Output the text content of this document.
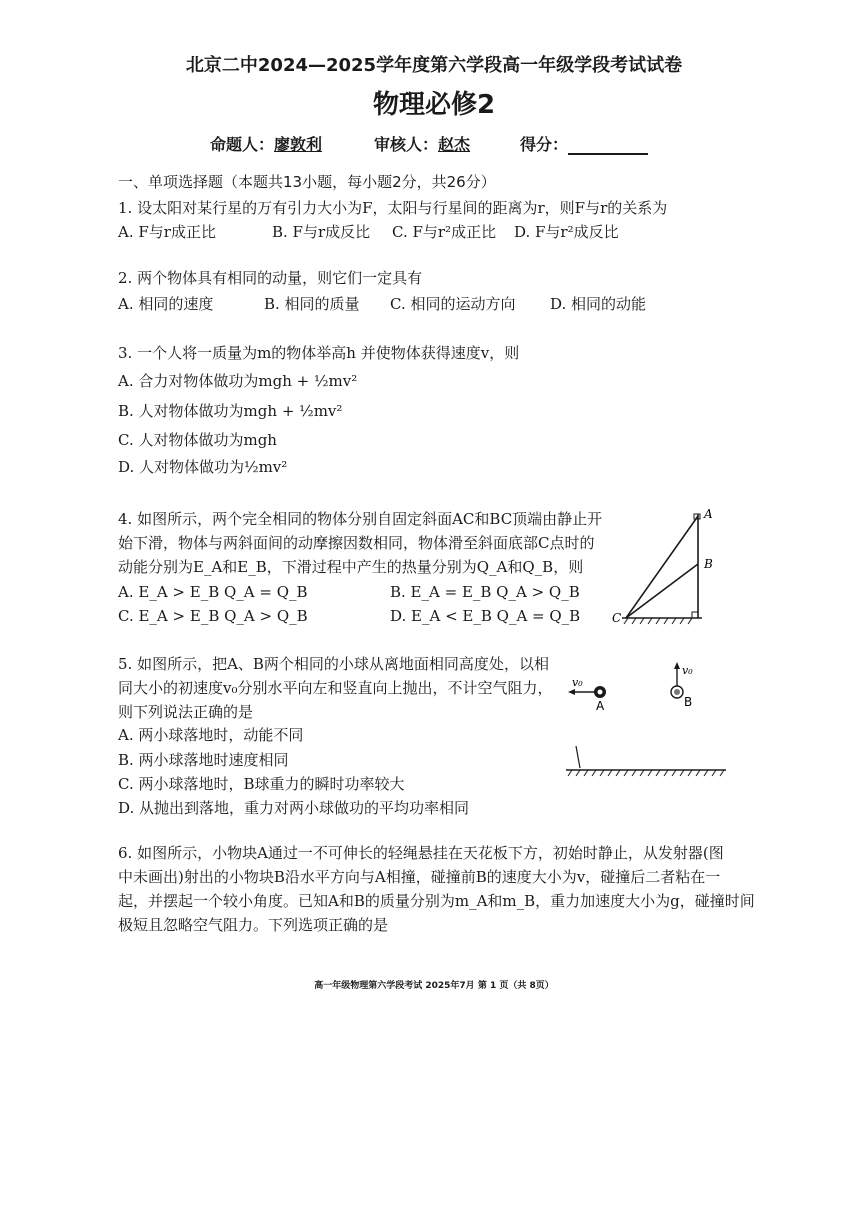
北京二中2024—2025学年度第六学段高一年级学段考试试卷
物理必修2
命题人：廖敦利	审核人：赵杰	得分：
一、单项选择题（本题共13小题，每小题2分，共26分）
1. 设太阳对某行星的万有引力大小为F，太阳与行星间的距离为r，则F与r的关系为
A. F与r成正比	B. F与r成反比 C. F与r²成正比 D. F与r²成反比
2. 两个物体具有相同的动量，则它们一定具有
A. 相同的速度	B. 相同的质量 C. 相同的运动方向 D. 相同的动能
3. 一个人将一质量为m的物体举高h 并使物体获得速度v，则
A. 合力对物体做功为mgh + ½mv²
B. 人对物体做功为mgh + ½mv²
C. 人对物体做功为mgh
D. 人对物体做功为½mv²
4. 如图所示，两个完全相同的物体分别自固定斜面AC和BC顶端由静止开
始下滑，物体与两斜面间的动摩擦因数相同，物体滑至斜面底部C点时的
动能分别为E_A和E_B，下滑过程中产生的热量分别为Q_A和Q_B，则
A. E_A > E_B Q_A = Q_B	B. E_A = E_B Q_A > Q_B
C. E_A > E_B Q_A > Q_B	D. E_A < E_B Q_A = Q_B
A
B
C
5. 如图所示，把A、B两个相同的小球从离地面相同高度处，以相
同大小的初速度v₀分别水平向左和竖直向上抛出，不计空气阻力，
则下列说法正确的是
A. 两小球落地时，动能不同
B. 两小球落地时速度相同
C. 两小球落地时，B球重力的瞬时功率较大
D. 从抛出到落地，重力对两小球做功的平均功率相同
v₀
A
v₀
B
6. 如图所示，小物块A通过一不可伸长的轻绳悬挂在天花板下方，初始时静止，从发射器(图
中未画出)射出的小物块B沿水平方向与A相撞，碰撞前B的速度大小为v，碰撞后二者粘在一
起，并摆起一个较小角度。已知A和B的质量分别为m_A和m_B，重力加速度大小为g，碰撞时间
极短且忽略空气阻力。下列选项正确的是
高一年级物理第六学段考试 2025年7月 第 1 页（共 8页）
